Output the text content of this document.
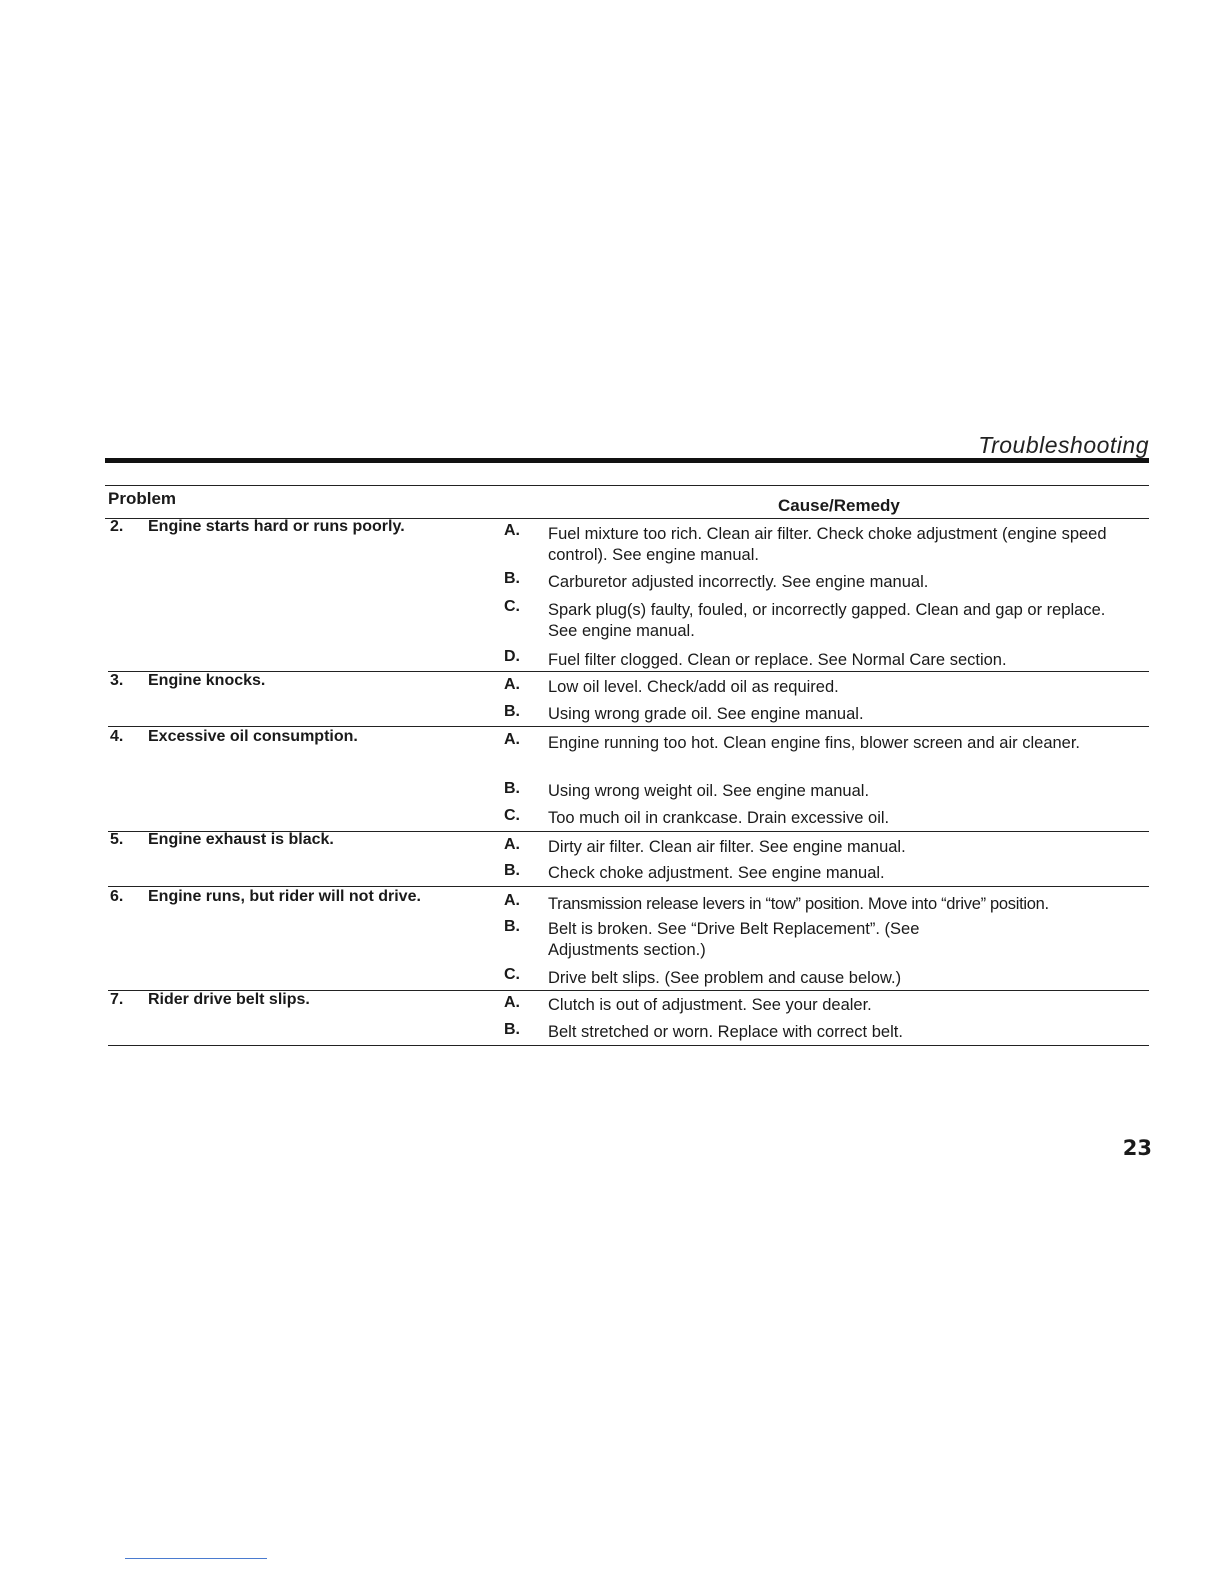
Troubleshooting
Problem	Cause/Remedy
2. Engine starts hard or runs poorly.	A. Fuel mixture too rich. Clean air filter. Check choke adjustment (engine speed control). See engine manual.
B. Carburetor adjusted incorrectly. See engine manual.
C. Spark plug(s) faulty, fouled, or incorrectly gapped. Clean and gap or replace. See engine manual.
D. Fuel filter clogged. Clean or replace. See Normal Care section.
3. Engine knocks.	A. Low oil level. Check/add oil as required.
B. Using wrong grade oil. See engine manual.
4. Excessive oil consumption.	A. Engine running too hot. Clean engine fins, blower screen and air cleaner.
B. Using wrong weight oil. See engine manual.
C. Too much oil in crankcase. Drain excessive oil.
5. Engine exhaust is black.	A. Dirty air filter. Clean air filter. See engine manual.
B. Check choke adjustment. See engine manual.
6. Engine runs, but rider will not drive.	A. Transmission release levers in “tow” position. Move into “drive” position.
B. Belt is broken. See “Drive Belt Replacement”. (See Adjustments section.)
C. Drive belt slips. (See problem and cause below.)
7. Rider drive belt slips.	A. Clutch is out of adjustment. See your dealer.
B. Belt stretched or worn. Replace with correct belt.
23
